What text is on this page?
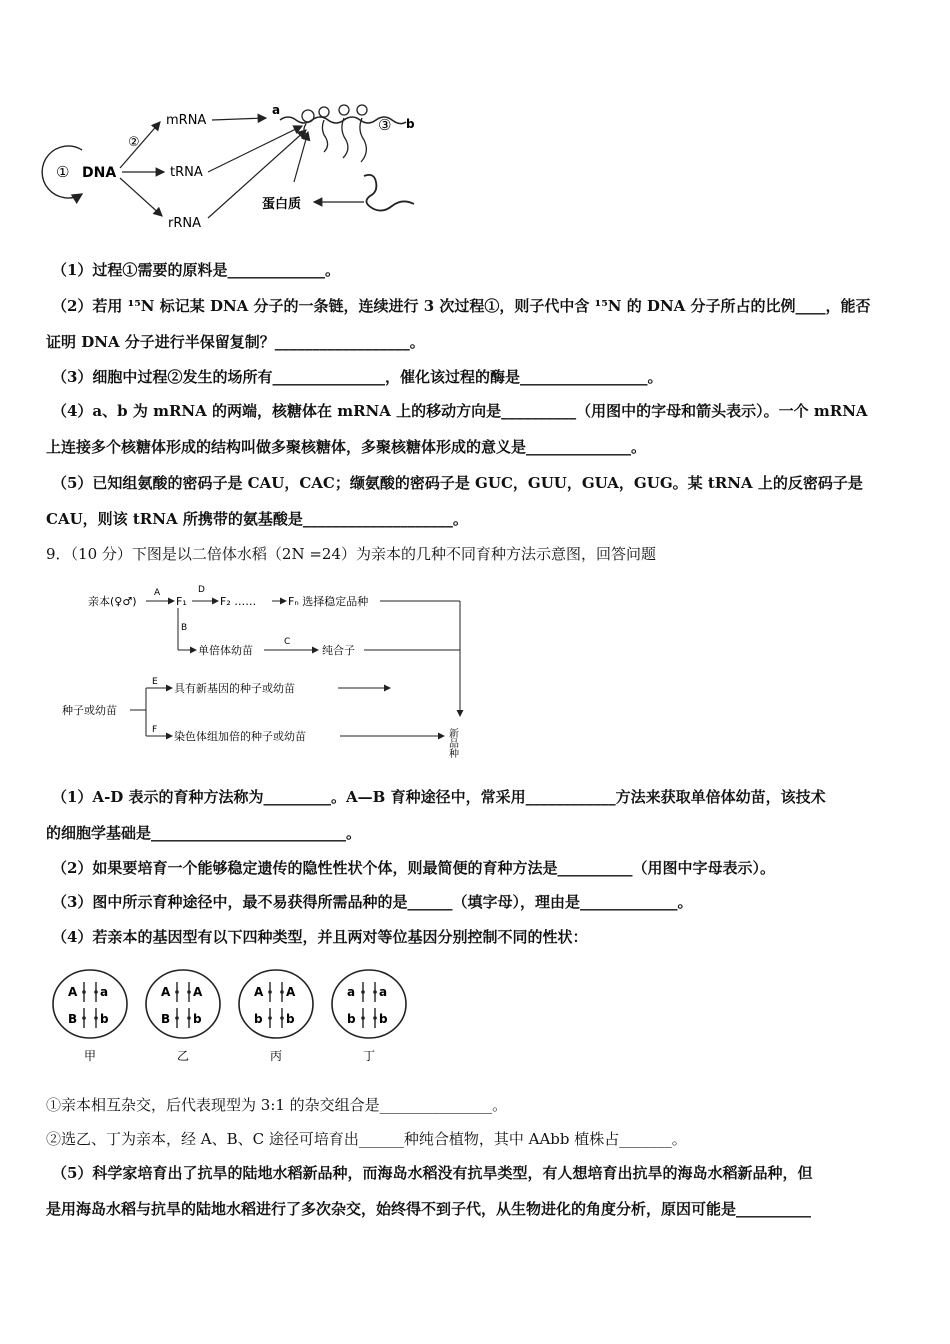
① DNA
②
mRNA
tRNA
rRNA
a
③ b
蛋白质
（1）过程①需要的原料是_____________。
（2）若用 ¹⁵N 标记某 DNA 分子的一条链，连续进行 3 次过程①，则子代中含 ¹⁵N 的 DNA 分子所占的比例____，能否
证明 DNA 分子进行半保留复制？__________________。
（3）细胞中过程②发生的场所有_______________，催化该过程的酶是_________________。
（4）a、b 为 mRNA 的两端，核糖体在 mRNA 上的移动方向是__________（用图中的字母和箭头表示）。一个 mRNA
上连接多个核糖体形成的结构叫做多聚核糖体，多聚核糖体形成的意义是______________。
（5）已知组氨酸的密码子是 CAU，CAC；缬氨酸的密码子是 GUC，GUU，GUA，GUG。某 tRNA 上的反密码子是
CAU，则该 tRNA 所携带的氨基酸是____________________。
9．（10 分）下图是以二倍体水稻（2N =24）为亲本的几种不同育种方法示意图，回答问题
亲本(♀♂)
A
F₁
D
F₂ ……	Fₙ 选择稳定品种
B
单倍体幼苗
C
纯合子
种子或幼苗
E
F
具有新基因的种子或幼苗
染色体组加倍的种子或幼苗	新品种
（1）A-D 表示的育种方法称为_________。A—B 育种途径中，常采用____________方法来获取单倍体幼苗，该技术
的细胞学基础是__________________________。
（2）如果要培育一个能够稳定遗传的隐性性状个体，则最简便的育种方法是__________（用图中字母表示）。
（3）图中所示育种途径中，最不易获得所需品种的是______（填字母），理由是_____________。
（4）若亲本的基因型有以下四种类型，并且两对等位基因分别控制不同的性状：
A a
B b
甲
A A
B b
乙
A A
b b
丙
a a
b b
丁
①亲本相互杂交，后代表现型为 3:1 的杂交组合是_______________。
②选乙、丁为亲本，经 A、B、C 途径可培育出______种纯合植物，其中 AAbb 植株占_______。
（5）科学家培育出了抗旱的陆地水稻新品种，而海岛水稻没有抗旱类型，有人想培育出抗旱的海岛水稻新品种，但
是用海岛水稻与抗旱的陆地水稻进行了多次杂交，始终得不到子代，从生物进化的角度分析，原因可能是__________
